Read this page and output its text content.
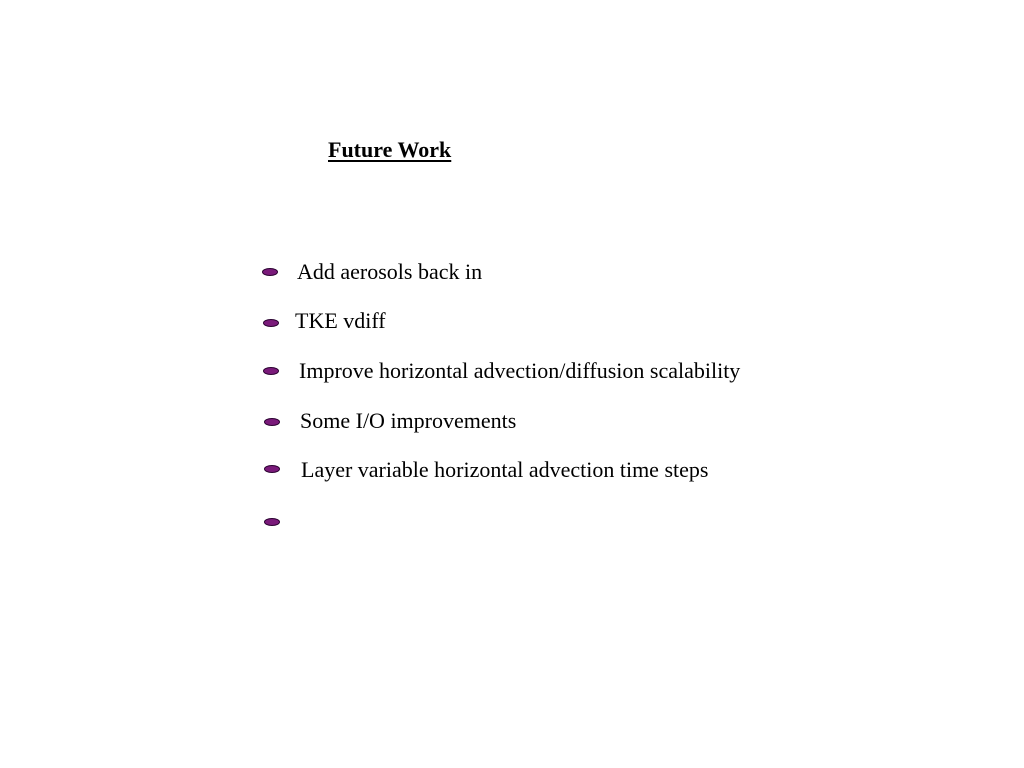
Future Work
Add aerosols back in
TKE vdiff
Improve horizontal advection/diffusion scalability
Some I/O improvements
Layer variable horizontal advection time steps
